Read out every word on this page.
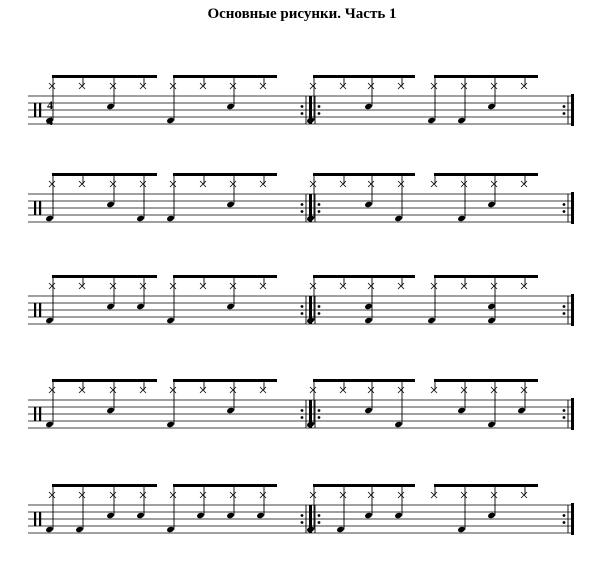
Основные рисунки. Часть 1
4
